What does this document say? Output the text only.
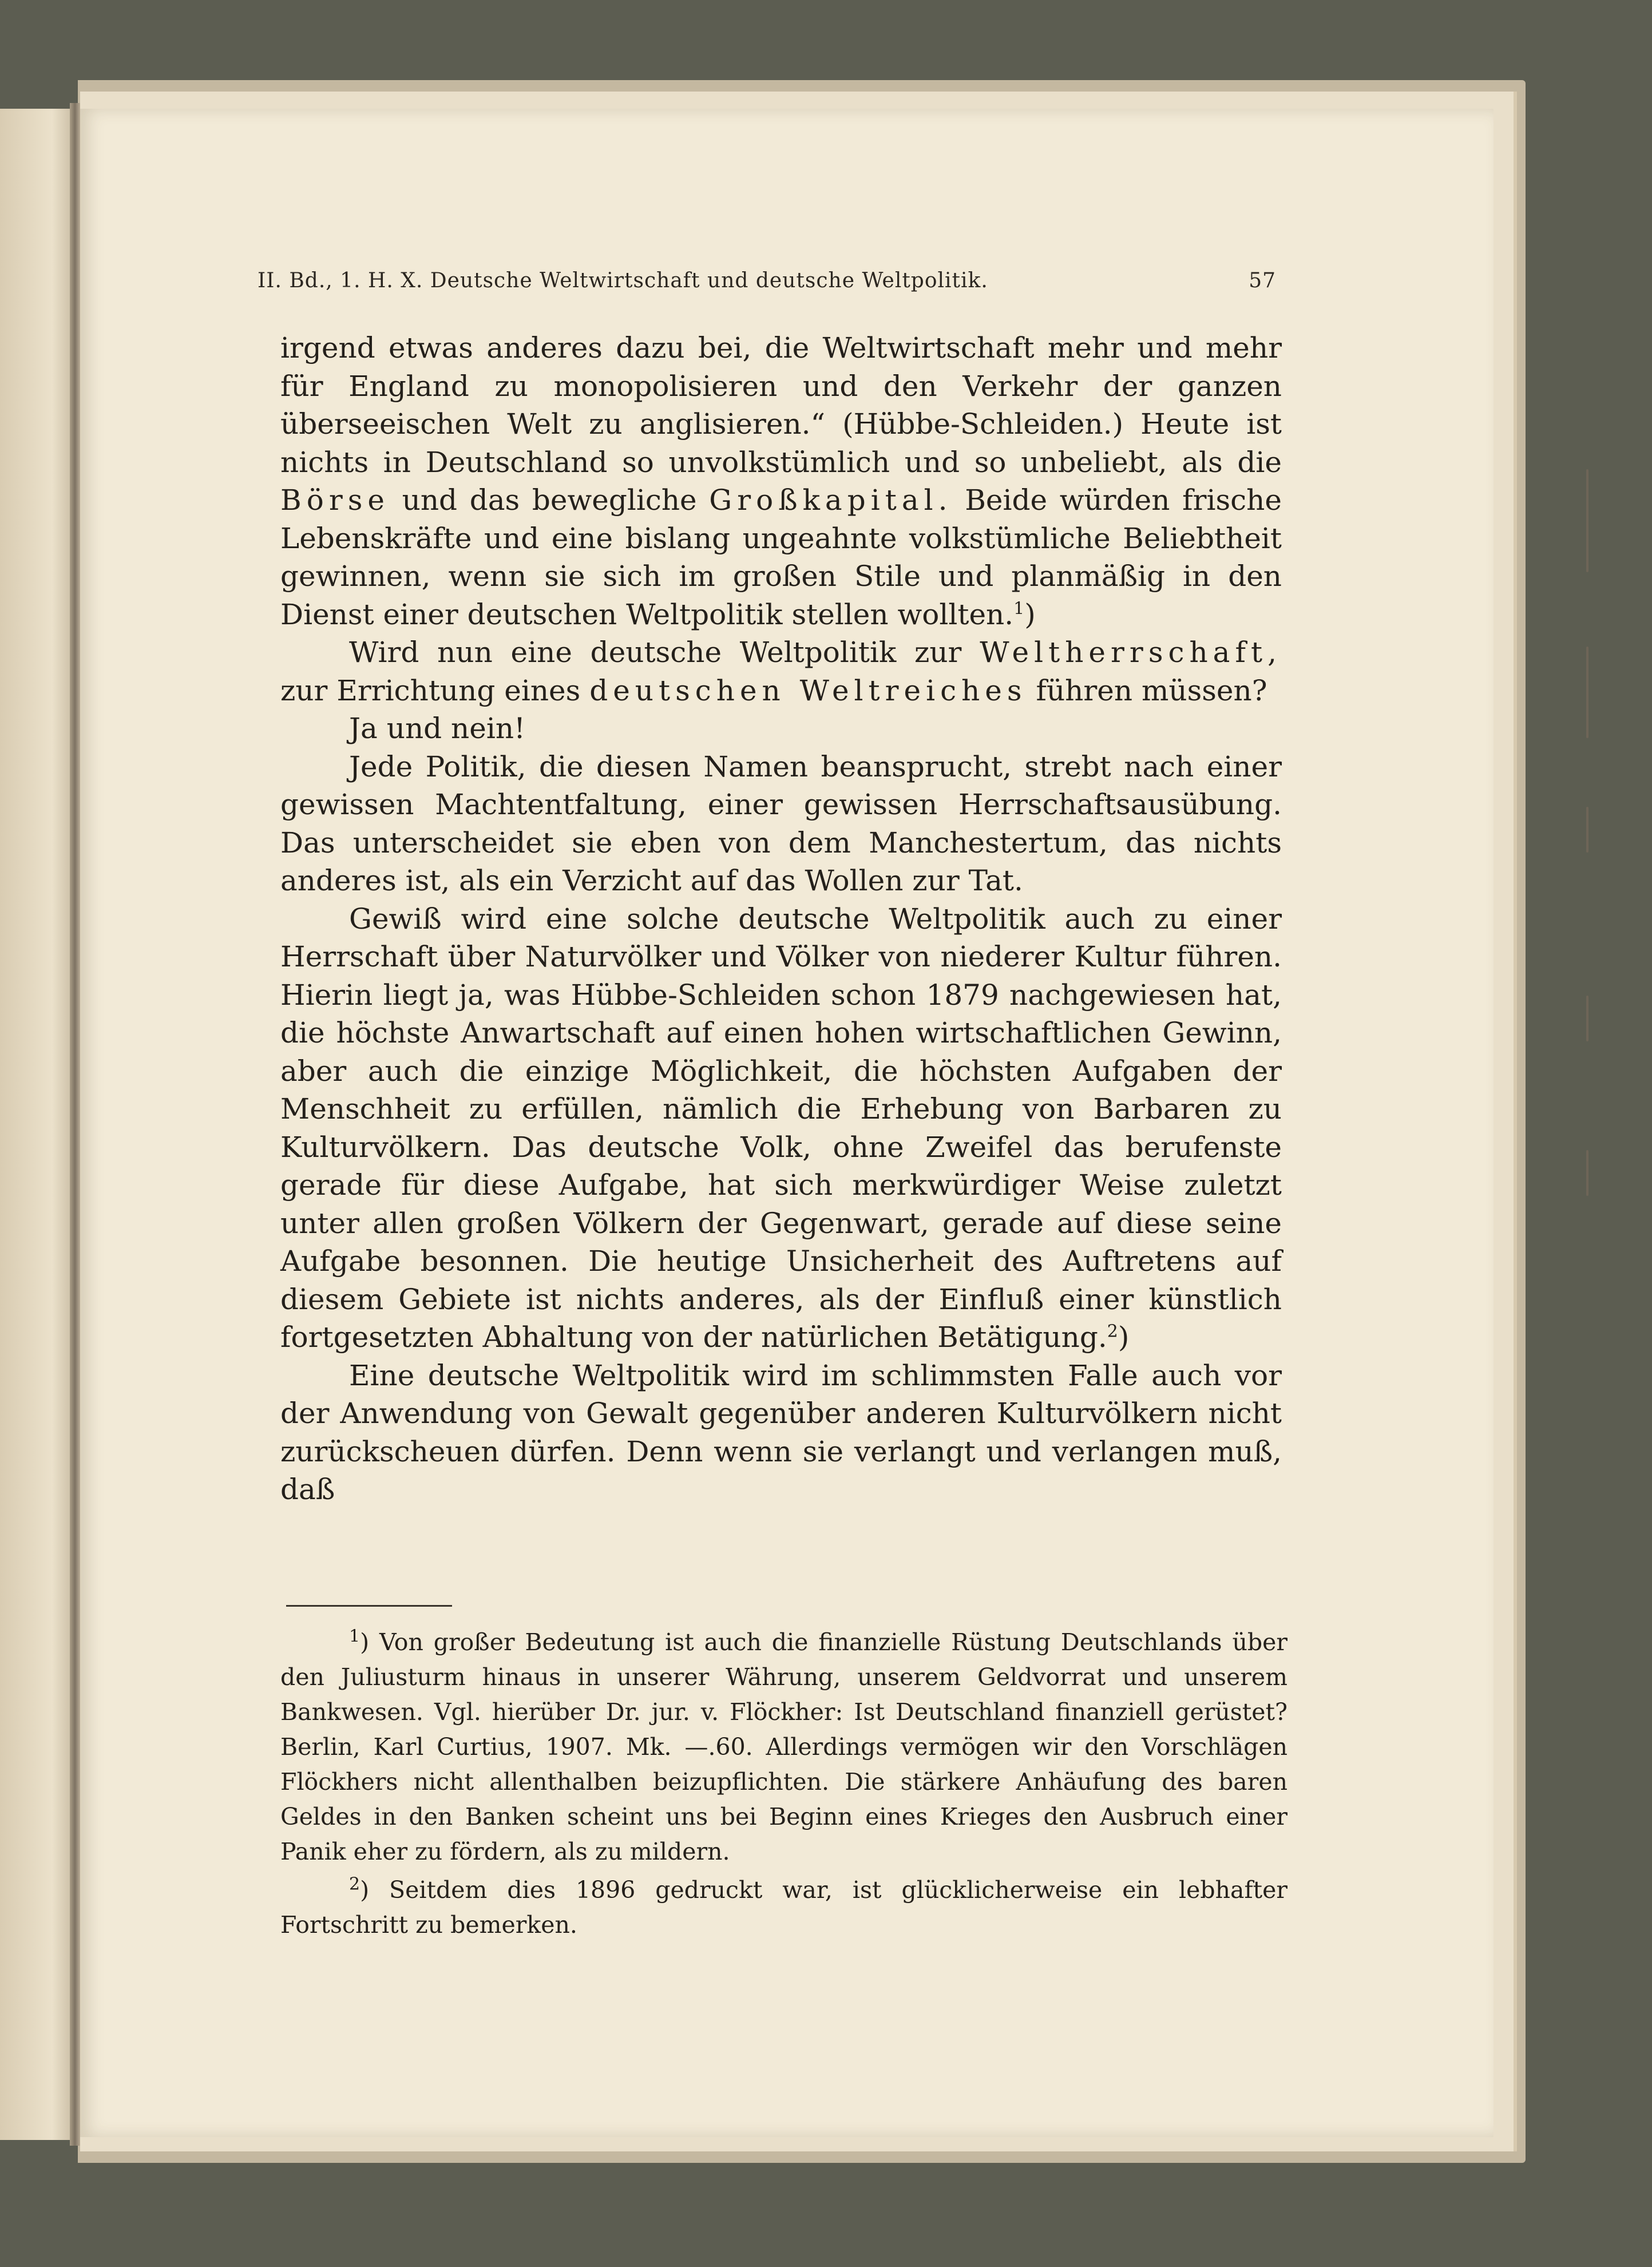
II. Bd., 1. H. X. Deutsche Weltwirtschaft und deutsche Weltpolitik.	57

irgend etwas anderes dazu bei, die Weltwirtschaft mehr und mehr für England zu monopolisieren und den Verkehr der ganzen überseeischen Welt zu anglisieren.“ (Hübbe-Schleiden.) Heute ist nichts in Deutschland so unvolkstümlich und so unbeliebt, als die Börse und das bewegliche Großkapital. Beide würden frische Lebenskräfte und eine bislang ungeahnte volkstümliche Beliebtheit gewinnen, wenn sie sich im großen Stile und planmäßig in den Dienst einer deutschen Weltpolitik stellen wollten.$^1$)

Wird nun eine deutsche Weltpolitik zur Weltherrschaft, zur Errichtung eines deutschen Weltreiches führen müssen?

Ja und nein!

Jede Politik, die diesen Namen beansprucht, strebt nach einer gewissen Machtentfaltung, einer gewissen Herrschaftsausübung. Das unterscheidet sie eben von dem Manchestertum, das nichts anderes ist, als ein Verzicht auf das Wollen zur Tat.

Gewiß wird eine solche deutsche Weltpolitik auch zu einer Herrschaft über Naturvölker und Völker von niederer Kultur führen. Hierin liegt ja, was Hübbe-Schleiden schon 1879 nachgewiesen hat, die höchste Anwartschaft auf einen hohen wirtschaftlichen Gewinn, aber auch die einzige Möglichkeit, die höchsten Aufgaben der Menschheit zu erfüllen, nämlich die Erhebung von Barbaren zu Kulturvölkern. Das deutsche Volk, ohne Zweifel das berufenste gerade für diese Aufgabe, hat sich merkwürdiger Weise zuletzt unter allen großen Völkern der Gegenwart, gerade auf diese seine Aufgabe besonnen. Die heutige Unsicherheit des Auftretens auf diesem Gebiete ist nichts anderes, als der Einfluß einer künstlich fortgesetzten Abhaltung von der natürlichen Betätigung.$^2$)

Eine deutsche Weltpolitik wird im schlimmsten Falle auch vor der Anwendung von Gewalt gegenüber anderen Kulturvölkern nicht zurückscheuen dürfen. Denn wenn sie verlangt und verlangen muß, daß

$^1$) Von großer Bedeutung ist auch die finanzielle Rüstung Deutschlands über den Juliusturm hinaus in unserer Währung, unserem Geldvorrat und unserem Bankwesen. Vgl. hierüber Dr. jur. v. Flöckher: Ist Deutschland finanziell gerüstet? Berlin, Karl Curtius, 1907. Mk. —.60. Allerdings vermögen wir den Vorschlägen Flöckhers nicht allenthalben beizupflichten. Die stärkere Anhäufung des baren Geldes in den Banken scheint uns bei Beginn eines Krieges den Ausbruch einer Panik eher zu fördern, als zu mildern.

$^2$) Seitdem dies 1896 gedruckt war, ist glücklicherweise ein lebhafter Fortschritt zu bemerken.
